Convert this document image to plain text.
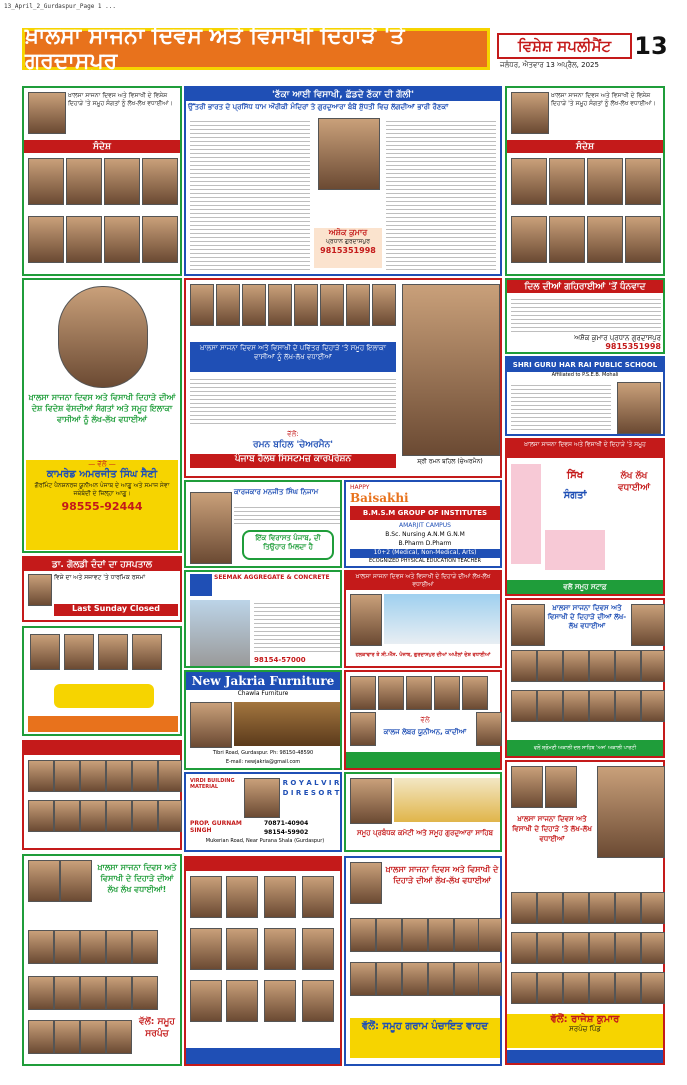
13_April_2_Gurdaspur_Page 1 ...
ਖ਼ਾਲਸਾ ਸਾਜਨਾ ਦਿਵਸ ਅਤੇ ਵਿਸਾਖੀ ਦਿਹਾੜੇ 'ਤੇ ਗੁਰਦਾਸਪੁਰ
ਵਿਸ਼ੇਸ਼ ਸਪਲੀਮੈਂਟ 13
ਜਲੰਧਰ, ਐਤਵਾਰ 13 ਅਪ੍ਰੈਲ, 2025
ਖ਼ਾਲਸਾ ਸਾਜਨਾ ਦਿਵਸ ਅਤੇ ਵਿਸਾਖੀ ਦੇ ਵਿਸ਼ੇਸ਼ ਦਿਹਾੜੇ 'ਤੇ ਸਮੂਹ ਸੰਗਤਾਂ ਨੂੰ ਲੱਖ-ਲੱਖ ਵਧਾਈਆਂ।
ਸੰਦੇਸ਼
'ਣੱਕਾ ਆਈ ਵਿਸਾਖੀ, ਛੱਡਦੇ ਣੱਕਾ ਦੀ ਗੱਲੀ'
ਉੱਤਰੀ ਭਾਰਤ ਦੇ ਪ੍ਰਸਿੱਧ ਧਾਮ ਔਰੀਕੀ ਮੰਦਿਰਾਂ ਤੇ ਗੁਰਦੁਆਰਾ ਬੰਬੋਂ ਸ਼ੁੱਧਤੀ ਵਿਚ ਲੱਗਦੀਆਂ ਭਾਰੀ ਰੌਣਕਾਂ
ਅਸ਼ੋਕ ਕੁਮਾਰ
ਪ੍ਰਧਾਨ ਗੁਰਦਾਸਪੁਰ
9815351998
ਖ਼ਾਲਸਾ ਸਾਜਨਾ ਦਿਵਸ ਅਤੇ ਵਿਸਾਖੀ ਦੇ ਵਿਸ਼ੇਸ਼ ਦਿਹਾੜੇ 'ਤੇ ਸਮੂਹ ਸੰਗਤਾਂ ਨੂੰ ਲੱਖ-ਲੱਖ ਵਧਾਈਆਂ।
ਸੰਦੇਸ਼
ਖ਼ਾਲਸਾ ਸਾਜਨਾ ਦਿਵਸ ਅਤੇ ਵਿਸਾਖੀ ਦਿਹਾੜੇ ਦੀਆਂ ਦੇਸ਼ ਵਿਦੇਸ਼ ਵੱਸਦੀਆਂ ਸੰਗਤਾਂ ਅਤੇ ਸਮੂਹ ਇਲਾਕਾ ਵਾਸੀਆਂ ਨੂੰ ਲੱਖ-ਲੱਖ ਵਧਾਈਆਂ
— ਵੱਲੋਂ —
ਕਾਮਰੇਡ ਅਮਰਜੀਤ ਸਿੰਘ ਸੈਣੀ
ਗੌਰਮਿੰਟ ਪੈਨਸ਼ਨਰਜ਼ ਯੂਨੀਅਨ ਪੰਜਾਬ ਦੇ ਆਗੂ ਅਤੇ ਸਮਾਜ ਸੇਵਾ ਜਥੇਬੰਦੀ ਦੇ ਜ਼ਿਲ੍ਹਾ ਆਗੂ।
98555-92444
ਖ਼ਾਲਸਾ ਸਾਜਨਾ ਦਿਵਸ ਅਤੇ ਵਿਸਾਖੀ ਦੇ ਪਵਿੱਤਰ ਦਿਹਾੜੇ 'ਤੇ ਸਮੂਹ ਇਲਾਕਾ ਵਾਸੀਆਂ ਨੂੰ ਲੱਖ-ਲੱਖ ਵਧਾਈਆਂ
ਵੱਲੋਂ:
ਰਮਨ ਬਹਿਲ 'ਚੇਅਰਮੈਨ'
ਪੰਜਾਬ ਹੈਲਥ ਸਿਸਟਮਜ਼ ਕਾਰਪੋਰੇਸ਼ਨ	ਸ਼੍ਰੀ ਰਮਨ ਬਹਿਲ (ਚੇਅਰਮੈਨ)
ਦਿਲ ਦੀਆਂ ਗਹਿਰਾਈਆਂ 'ਤੋਂ ਧੰਨਵਾਦ
ਅਸ਼ੋਕ ਕੁਮਾਰ ਪ੍ਰਧਾਨ ਗੁਰਦਾਸਪੁਰ
9815351998
SHRI GURU HAR RAI PUBLIC SCHOOL
Affiliated to P.S.E.B. Mohali
ਖ਼ਾਲਸਾ ਸਾਜਨਾ ਦਿਵਸ ਅਤੇ ਵਿਸਾਖੀ ਦੇ ਦਿਹਾੜੇ 'ਤੇ ਸਮੂਹ
ਸਿੱਖ
ਸੰਗਤਾਂ
ਲੱਖ ਲੱਖ ਵਧਾਈਆਂ
ਵਲੋਂ ਸਮੂਹ ਸਟਾਫ਼
HAPPY
Baisakhi
B.M.S.M GROUP OF INSTITUTES
AMARJIT CAMPUS
B.Sc. Nursing A.N.M G.N.M
B.Pharm D.Pharm
10+2 (Medical, Non-Medical, Arts)
ECOGNIZED PHYSICAL EDUCATION TEACHER
ਕਾਰਜਕਾਰ ਮਨਜੀਤ ਸਿੰਘ ਨਿਜਾਮ
ਇੱਕ ਵਿਰਾਸਤ ਪੰਜਾਬ, ਦੀ ਤਿਉਹਾਰ ਮਿਲਦਾ ਹੈ
ਡਾ. ਗੋਲਡੀ ਦੰਦਾਂ ਦਾ ਹਸਪਤਾਲ
ਵਿਸ਼ੇ ਦਾ ਅਤੇ ਸਜਾਵਟ 'ਤੇ ਧਾਰਮਿਕ ਰਸਮਾਂ
Last Sunday Closed
SEEMAK AGGREGATE & CONCRETE
98154-57000
ਖ਼ਾਲਸਾ ਸਾਜਨਾ ਦਿਵਸ ਅਤੇ ਵਿਸਾਖੀ ਦੇ ਦਿਹਾੜੇ ਦੀਆਂ ਲੱਖ-ਲੱਖ ਵਧਾਈਆਂ
ਹਲਕਾਵਾਰ ਤੇ ਸੀ.ਐੱਸ. ਪੰਜਾਬ, ਗੁਰਦਾਸਪੁਰ ਦੀਆਂ ਅਪੀਲਾਂ ਦੇਸ਼ ਵਧਾਈਆਂ
ਖ਼ਾਲਸਾ ਸਾਜਨਾ ਦਿਵਸ ਅਤੇ ਵਿਸਾਖੀ ਦੇ ਦਿਹਾੜੇ ਦੀਆਂ ਲੱਖ-ਲੱਖ ਵਧਾਈਆਂ
ਵਲੋਂ ਸ਼੍ਰੋਮਣੀ ਅਕਾਲੀ ਦਲ ਸਾਹਿਬ 'ਅਜ' ਅਕਾਲੀ ਪਾਰਟੀ
New Jakria Furniture
Chawla Furniture
Tibri Road, Gurdaspur. Ph: 98150-48590
E-mail: newjakria@gmail.com
ਵੱਲੋਂ
ਕਾਲਜ ਲੇਬਰ ਯੂਨੀਅਨ, ਕਾਦੀਆਂ
VIRDI BUILDING MATERIAL	R O Y A L V I R D I R E S O R T
PROP. GURNAM SINGH
70871-40904
98154-59902
Mukerian Road, Near Purana Shala (Gurdaspur)
ਸਮੂਹ ਪ੍ਰਬੰਧਕ ਕਮੇਟੀ ਅਤੇ ਸਮੂਹ ਗੁਰਦੁਆਰਾ ਸਾਹਿਬ
ਖ਼ਾਲਸਾ ਸਾਜਨਾ ਦਿਵਸ ਅਤੇ ਵਿਸਾਖੀ ਦੇ ਦਿਹਾੜੇ 'ਤੇ ਲੱਖ-ਲੱਖ ਵਧਾਈਆਂ
ਵੱਲੋਂ: ਰਾਜੇਸ਼ ਕੁਮਾਰ
ਸਰਪੰਚ ਪਿੰਡ
ਖ਼ਾਲਸਾ ਸਾਜਨਾ ਦਿਵਸ ਅਤੇ ਵਿਸਾਖੀ ਦੇ ਦਿਹਾੜੇ ਦੀਆਂ ਲੱਖ ਲੱਖ ਵਧਾਈਆਂ!
ਵੱਲੋਂ: ਸਮੂਹ ਸਰਪੰਚ
ਖ਼ਾਲਸਾ ਸਾਜਨਾ ਦਿਵਸ ਅਤੇ ਵਿਸਾਖੀ ਦੇ ਦਿਹਾੜੇ ਦੀਆਂ ਲੱਖ-ਲੱਖ ਵਧਾਈਆਂ
ਵੱਲੋਂ: ਸਮੂਹ ਗਰਾਮ ਪੰਚਾਇਤ ਵਾਹਦ
